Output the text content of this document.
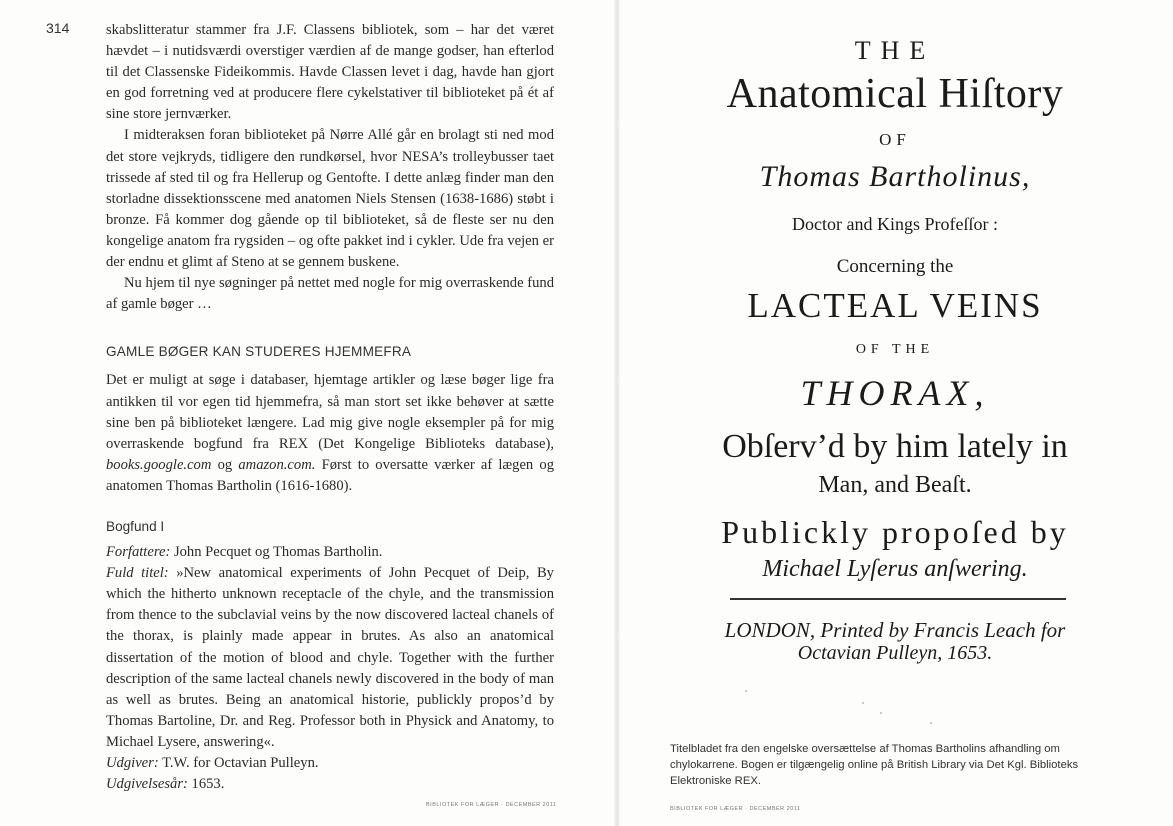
314	skabslitteratur stammer fra J.F. Classens bibliotek, som – har det været hævdet – i nutidsværdi overstiger værdien af de mange godser, han efterlod til det Classenske Fideikommis. Havde Classen levet i dag, havde han gjort en god forretning ved at producere flere cykelstativer til biblioteket på ét af sine store jernværker.

I midteraksen foran biblioteket på Nørre Allé går en brolagt sti ned mod det store vejkryds, tidligere den rundkørsel, hvor NESA’s trolleybusser taet trissede af sted til og fra Hellerup og Gentofte. I dette anlæg finder man den storladne dissektionsscene med anatomen Niels Stensen (1638-1686) støbt i bronze. Få kommer dog gående op til biblioteket, så de fleste ser nu den kongelige anatom fra rygsiden – og ofte pakket ind i cykler. Ude fra vejen er der endnu et glimt af Steno at se gennem buskene.

Nu hjem til nye søgninger på nettet med nogle for mig overraskende fund af gamle bøger …

GAMLE BØGER KAN STUDERES HJEMMEFRA

Det er muligt at søge i databaser, hjemtage artikler og læse bøger lige fra antikken til vor egen tid hjemmefra, så man stort set ikke behøver at sætte sine ben på biblioteket længere. Lad mig give nogle eksempler på for mig overraskende bogfund fra REX (Det Kongelige Biblioteks database), books.google.com og amazon.com. Først to oversatte værker af lægen og anatomen Thomas Bartholin (1616-1680).

Bogfund I

Forfattere: John Pecquet og Thomas Bartholin.

Fuld titel: »New anatomical experiments of John Pecquet of Deip, By which the hitherto unknown receptacle of the chyle, and the transmission from thence to the subclavial veins by the now discovered lacteal chanels of the thorax, is plainly made appear in brutes. As also an anatomical dissertation of the motion of blood and chyle. Together with the further description of the same lacteal chanels newly discovered in the body of man as well as brutes. Being an anatomical historie, publickly propos’d by Thomas Bartoline, Dr. and Reg. Professor both in Physick and Anatomy, to Michael Lysere, answering«.

Udgiver: T.W. for Octavian Pulleyn.

Udgivelsesår: 1653.

BIBLIOTEK FOR LÆGER · DECEMBER 2011
THE
Anatomical Hiſtory
OF
Thomas Bartholinus,
Doctor and Kings Profeſſor :
Concerning the
LACTEAL VEINS
OF THE
THORAX,
Obſerv’d by him lately in
Man, and Beaſt.
Publickly propoſed by
Michael Lyſerus anſwering.
LONDON, Printed by Francis Leach for
Octavian Pulleyn, 1653.
Titelbladet fra den engelske oversættelse af Thomas Bartholins afhandling om chylokarrene. Bogen er tilgængelig online på British Library via Det Kgl. Biblioteks Elektroniske REX.
BIBLIOTEK FOR LÆGER · DECEMBER 2011
